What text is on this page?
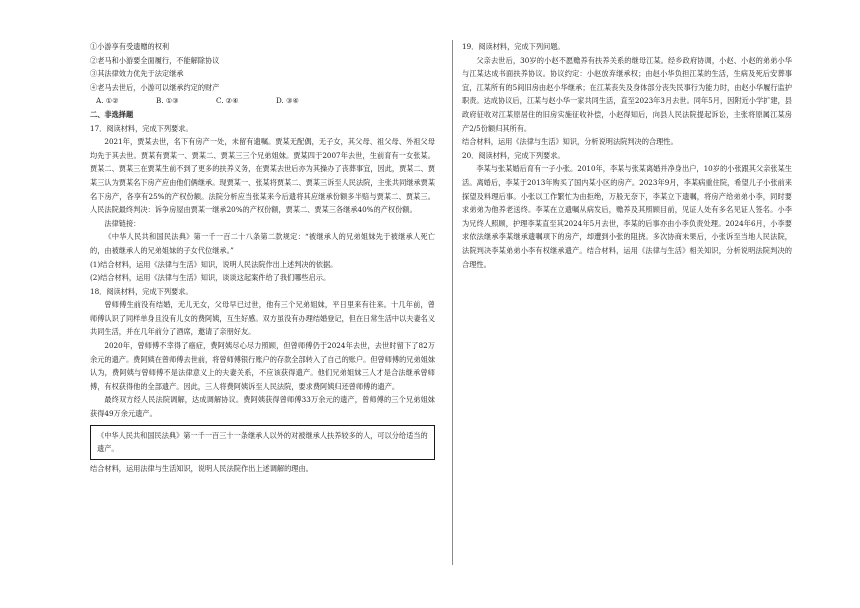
①小游享有受遗赠的权利

②老马和小游要全面履行，不能解除协议

③其法律效力优先于法定继承

④老马去世后，小游可以继承约定的财产

A. ①②	B. ①③	C. ②④	D. ③④

二、非选择题

17．阅读材料，完成下列要求。

2021年，贾某去世，名下有房产一处，未留有遗嘱。贾某无配偶，无子女，其父母、祖父母、外祖父母均先于其去世。贾某有贾某一、贾某二、贾某三三个兄弟姐妹。贾某四于2007年去世，生前育有一女张某。贾某二、贾某三在贾某生前不到了更多的扶养义务，在贾某去世后亦为其操办了丧葬事宜，因此，贾某二、贾某三认为贾某名下房产应由他们俩继承。现贾某一、张某将贾某二、贾某三诉至人民法院，主张共同继承贾某名下房产，各享有25%的产权份额。法院分析应当张某来今后遗将其应继承份额多半赔与贾某二、贾某三。人民法院最终判决：诉争房屋由贾某一继承20%的产权份额，贾某二、贾某三各继承40%的产权份额。

法律链接：

《中华人民共和国民法典》第一千一百二十八条第二款规定：“被继承人的兄弟姐妹先于被继承人死亡的，由被继承人的兄弟姐妹的子女代位继承。”

(1)结合材料，运用《法律与生活》知识，说明人民法院作出上述判决的依据。

(2)结合材料，运用《法律与生活》知识，谈谈这起案件给了我们哪些启示。

18．阅读材料，完成下列要求。

曾师傅生前没有结婚，无儿无女，父母早已过世，他有三个兄弟姐妹，平日里来有往来。十几年前，曾师傅认识了同样单身且没有儿女的费阿姨，互生好感。双方虽没有办理结婚登记，但在日常生活中以夫妻名义共同生活，并在几年前分了酒席，邀请了亲朋好友。

2020年，曾师傅不幸得了癌症，费阿姨尽心尽力照顾，但曾师傅仍于2024年去世，去世时留下了82万余元的遗产。费阿姨在曾师傅去世前，将曾师傅银行账户的存款全部转入了自己的账户。但曾师傅的兄弟姐妹认为，费阿姨与曾师傅不是法律意义上的夫妻关系，不应该获得遗产。他们兄弟姐妹三人才是合法继承曾师傅，有权获得他的全部遗产。因此，三人将费阿姨诉至人民法院，要求费阿姨归还曾师傅的遗产。

最终双方经人民法院调解，达成调解协议。费阿姨获得曾师傅33万余元的遗产，曾师傅的三个兄弟姐妹获得49万余元遗产。

《中华人民共和国民法典》第一千一百三十一条继承人以外的对被继承人扶养较多的人，可以分给适当的遗产。

结合材料，运用法律与生活知识，说明人民法院作出上述调解的理由。

19．阅读材料，完成下列问题。

父亲去世后，30岁的小赵不愿赡养有扶养关系的继母江某。经乡政府协调，小赵、小赵的弟弟小华与江某达成书面扶养协议。协议约定：小赵放弃继承权；由赵小华负担江某的生活，生病及死后安葬事宜，江某所有的5间旧房由赵小华继承；在江某丧失及身体部分丧失民事行为能力时，由赵小华履行监护职责。达成协议后，江某与赵小华一家共同生活，直至2023年3月去世。同年5月，因附近小学扩建，县政府征收对江某原居住的旧房实施征收补偿，小赵得知后，向县人民法院提起诉讼，主张将原属江某房产2/5份额归其所有。

结合材料，运用《法律与生活》知识，分析说明法院判决的合理性。

20．阅读材料，完成下列要求。

李某与张某婚后育有一子小张。2010年，李某与张某离婚并净身出户，10岁的小张跟其父亲张某生活。离婚后，李某于2013年购买了国内某小区的房产。2023年9月，李某病重住院，希望儿子小张前来探望及料理后事。小张以工作繁忙为由拒绝，万般无奈下，李某立下遗嘱，将房产给弟弟小李，同时要求弟弟为他养老送终。李某在立遗嘱从病发后，赡养及其照顾目前，见证人处有多名见证人签名。小李为兄终人照顾，护理李某直至其2024年5月去世，李某的后事亦由小李负责处理。2024年6月，小李要求依法继承李某继承遗嘱项下的房产，却遭到小张的阻挠。多次协商未果后，小张诉至当地人民法院，法院判决李某弟弟小李有权继承遗产。结合材料，运用《法律与生活》相关知识，分析说明法院判决的合理性。
